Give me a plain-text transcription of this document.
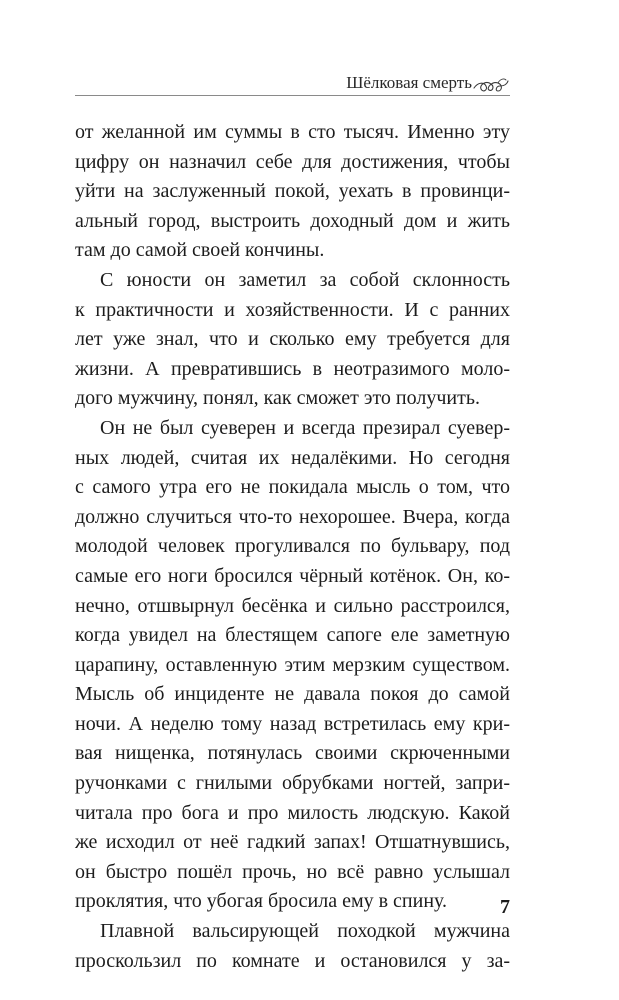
Шёлковая смерть
от желанной им суммы в сто тысяч. Именно эту
цифру он назначил себе для достижения, чтобы
уйти на заслуженный покой, уехать в провинци-
альный город, выстроить доходный дом и жить
там до самой своей кончины.
С юности он заметил за собой склонность
к практичности и хозяйственности. И с ранних
лет уже знал, что и сколько ему требуется для
жизни. А превратившись в неотразимого моло-
дого мужчину, понял, как сможет это получить.
Он не был суеверен и всегда презирал суевер-
ных людей, считая их недалёкими. Но сегодня
с самого утра его не покидала мысль о том, что
должно случиться что-то нехорошее. Вчера, когда
молодой человек прогуливался по бульвару, под
самые его ноги бросился чёрный котёнок. Он, ко-
нечно, отшвырнул бесёнка и сильно расстроился,
когда увидел на блестящем сапоге еле заметную
царапину, оставленную этим мерзким существом.
Мысль об инциденте не давала покоя до самой
ночи. А неделю тому назад встретилась ему кри-
вая нищенка, потянулась своими скрюченными
ручонками с гнилыми обрубками ногтей, запри-
читала про бога и про милость людскую. Какой
же исходил от неё гадкий запах! Отшатнувшись,
он быстро пошёл прочь, но всё равно услышал
проклятия, что убогая бросила ему в спину.
Плавной вальсирующей походкой мужчина
проскользил по комнате и остановился у за-
7
